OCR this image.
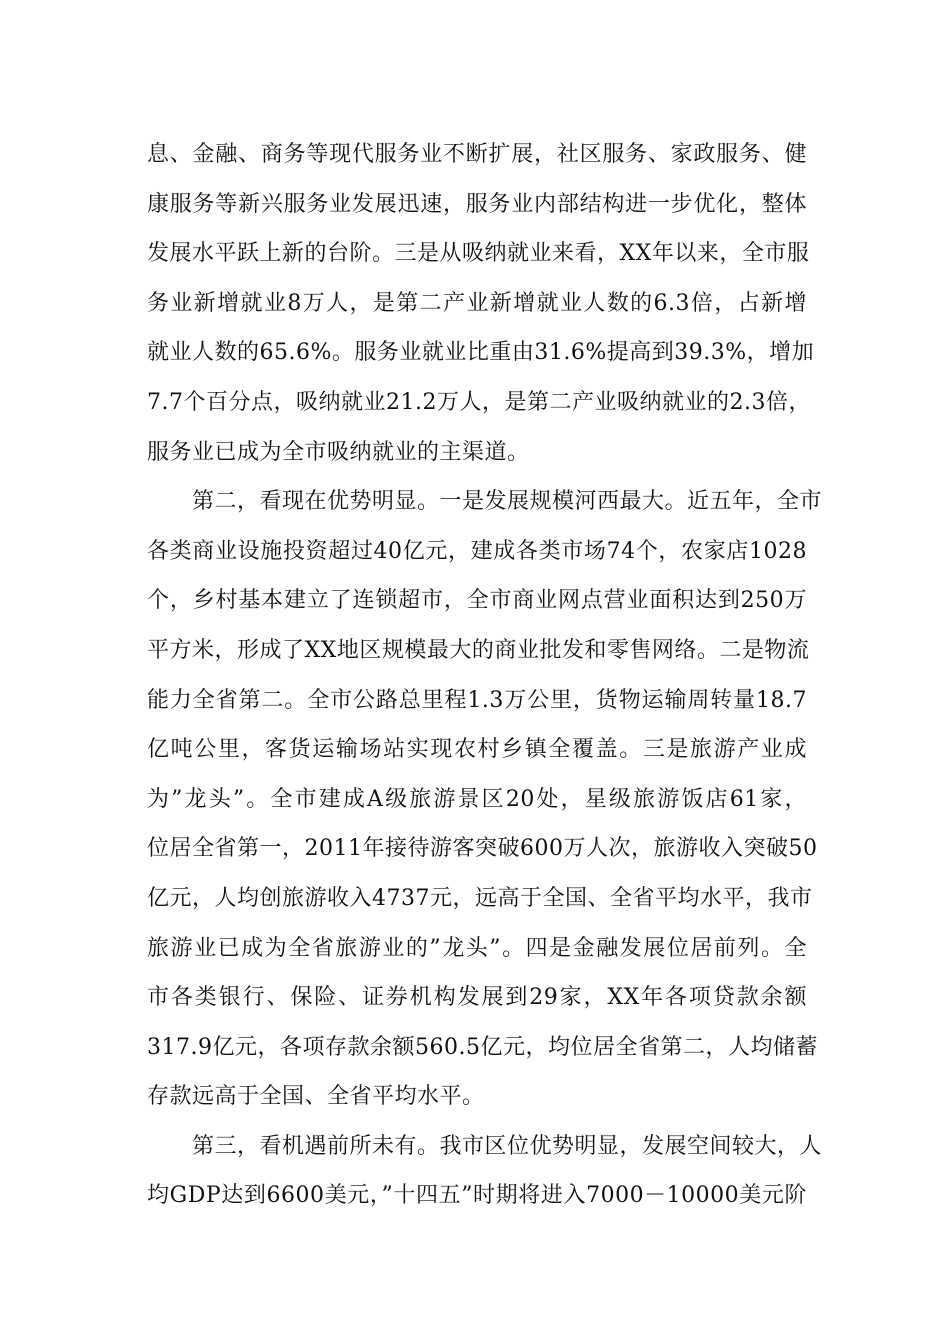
息、金融、商务等现代服务业不断扩展，社区服务、家政服务、健
康服务等新兴服务业发展迅速，服务业内部结构进一步优化，整体
发展水平跃上新的台阶。三是从吸纳就业来看，XX年以来，全市服
务业新增就业8万人，是第二产业新增就业人数的6.3倍，占新增
就业人数的65.6%。服务业就业比重由31.6%提高到39.3%，增加
7.7个百分点，吸纳就业21.2万人，是第二产业吸纳就业的2.3倍，
服务业已成为全市吸纳就业的主渠道。
　　第二，看现在优势明显。一是发展规模河西最大。近五年，全市
各类商业设施投资超过40亿元，建成各类市场74个，农家店1028
个，乡村基本建立了连锁超市，全市商业网点营业面积达到250万
平方米，形成了XX地区规模最大的商业批发和零售网络。二是物流
能力全省第二。全市公路总里程1.3万公里，货物运输周转量18.7
亿吨公里，客货运输场站实现农村乡镇全覆盖。三是旅游产业成
为”龙头”。全市建成A级旅游景区20处，星级旅游饭店61家，
位居全省第一，2011年接待游客突破600万人次，旅游收入突破50
亿元，人均创旅游收入4737元，远高于全国、全省平均水平，我市
旅游业已成为全省旅游业的”龙头”。四是金融发展位居前列。全
市各类银行、保险、证券机构发展到29家，XX年各项贷款余额
317.9亿元，各项存款余额560.5亿元，均位居全省第二，人均储蓄
存款远高于全国、全省平均水平。
　　第三，看机遇前所未有。我市区位优势明显，发展空间较大，人
均GDP达到6600美元，”十四五”时期将进入7000－10000美元阶
